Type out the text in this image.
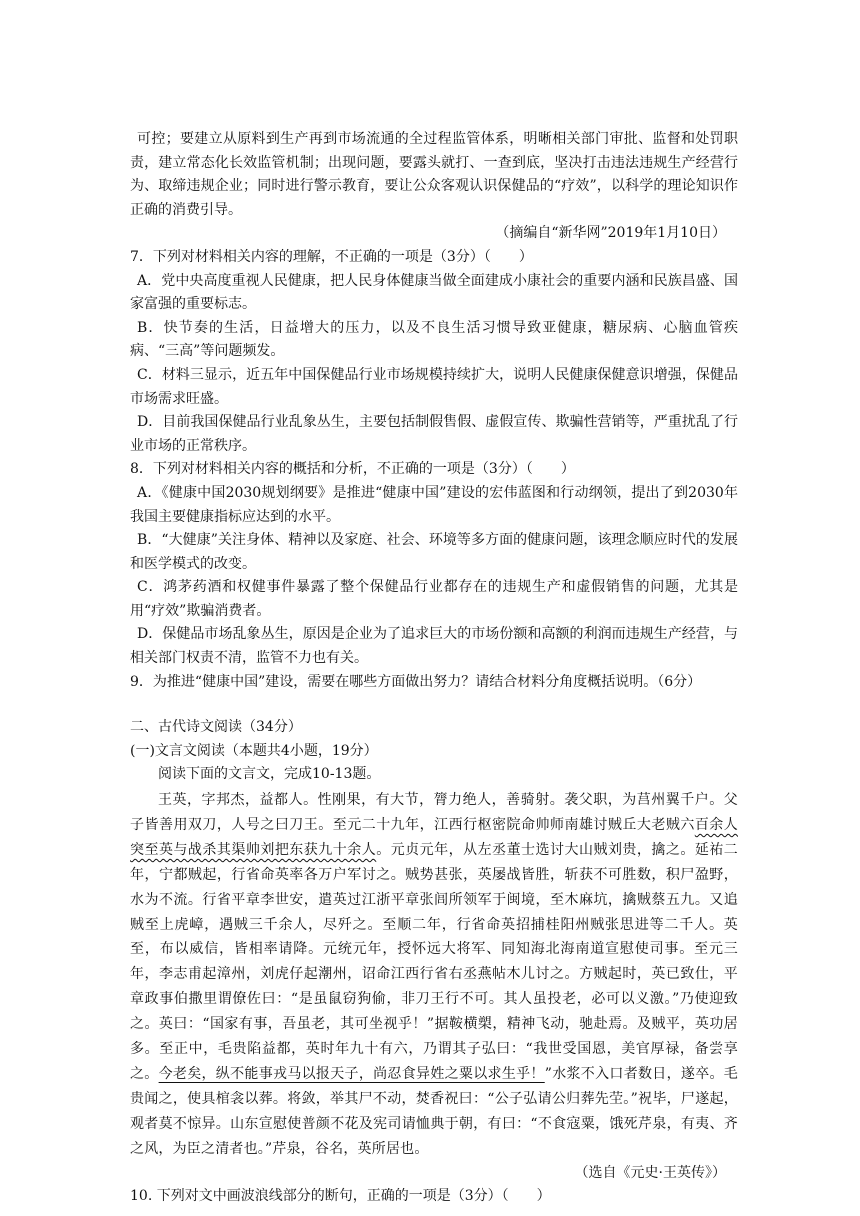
可控；要建立从原料到生产再到市场流通的全过程监管体系，明晰相关部门审批、监督和处罚职责，建立常态化长效监管机制；出现问题，要露头就打、一查到底，坚决打击违法违规生产经营行为、取缔违规企业；同时进行警示教育，要让公众客观认识保健品的“疗效”，以科学的理论知识作正确的消费引导。

（摘编自“新华网”2019年1月10日）

7．下列对材料相关内容的理解，不正确的一项是（3分）（　　）

A．党中央高度重视人民健康，把人民身体健康当做全面建成小康社会的重要内涵和民族昌盛、国家富强的重要标志。

B．快节奏的生活，日益增大的压力，以及不良生活习惯导致亚健康，糖尿病、心脑血管疾病、“三高”等问题频发。

C．材料三显示，近五年中国保健品行业市场规模持续扩大，说明人民健康保健意识增强，保健品市场需求旺盛。

D．目前我国保健品行业乱象丛生，主要包括制假售假、虚假宣传、欺骗性营销等，严重扰乱了行业市场的正常秩序。

8．下列对材料相关内容的概括和分析，不正确的一项是（3分）（　　）

A．《健康中国2030规划纲要》是推进“健康中国”建设的宏伟蓝图和行动纲领，提出了到2030年我国主要健康指标应达到的水平。

B．“大健康”关注身体、精神以及家庭、社会、环境等多方面的健康问题，该理念顺应时代的发展和医学模式的改变。

C．鸿茅药酒和权健事件暴露了整个保健品行业都存在的违规生产和虚假销售的问题，尤其是用“疗效”欺骗消费者。

D．保健品市场乱象丛生，原因是企业为了追求巨大的市场份额和高额的利润而违规生产经营，与相关部门权责不清，监管不力也有关。

9．为推进“健康中国”建设，需要在哪些方面做出努力？请结合材料分角度概括说明。（6分）

二、古代诗文阅读（34分）

(一)文言文阅读（本题共4小题，19分）

阅读下面的文言文，完成10-13题。

王英，字邦杰，益都人。性刚果，有大节，膂力绝人，善骑射。袭父职，为莒州翼千户。父子皆善用双刀，人号之曰刀王。至元二十九年，江西行枢密院命帅师南雄讨贼丘大老贼六百余人突至英与战杀其渠帅刘把东获九十余人。元贞元年，从左丞董士选讨大山贼刘贵，擒之。延祐二年，宁都贼起，行省命英率各万户军讨之。贼势甚张，英屡战皆胜，斩获不可胜数，积尸盈野，水为不流。行省平章李世安，遣英过江浙平章张闾所领军于闽境，至木麻坑，擒贼蔡五九。又追贼至上虎嶂，遇贼三千余人，尽歼之。至顺二年，行省命英招捕桂阳州贼张思进等二千人。英至，布以威信，皆相率请降。元统元年，授怀远大将军、同知海北海南道宣慰使司事。至元三年，李志甫起漳州，刘虎仔起潮州，诏命江西行省右丞燕帖木儿讨之。方贼起时，英已致仕，平章政事伯撒里谓僚佐曰：“是虽鼠窃狗偷，非刀王行不可。其人虽投老，必可以义激。”乃使迎致之。英曰：“国家有事，吾虽老，其可坐视乎！”据鞍横槊，精神飞动，驰赴焉。及贼平，英功居多。至正中，毛贵陷益都，英时年九十有六，乃谓其子弘曰：“我世受国恩，美官厚禄，备尝享之。今老矣，纵不能事戎马以报天子，尚忍食异姓之粟以求生乎！”水浆不入口者数日，遂卒。毛贵闻之，使具棺衾以葬。将敛，举其尸不动，焚香祝曰：“公子弘请公归葬先茔。”祝毕，尸遂起，观者莫不惊异。山东宣慰使普颜不花及宪司请恤典于朝，有曰：“不食寇粟，饿死芹泉，有夷、齐之风，为臣之清者也。”芹泉，谷名，英所居也。

（选自《元史·王英传》）

10. 下列对文中画波浪线部分的断句，正确的一项是（3分）（　　）
